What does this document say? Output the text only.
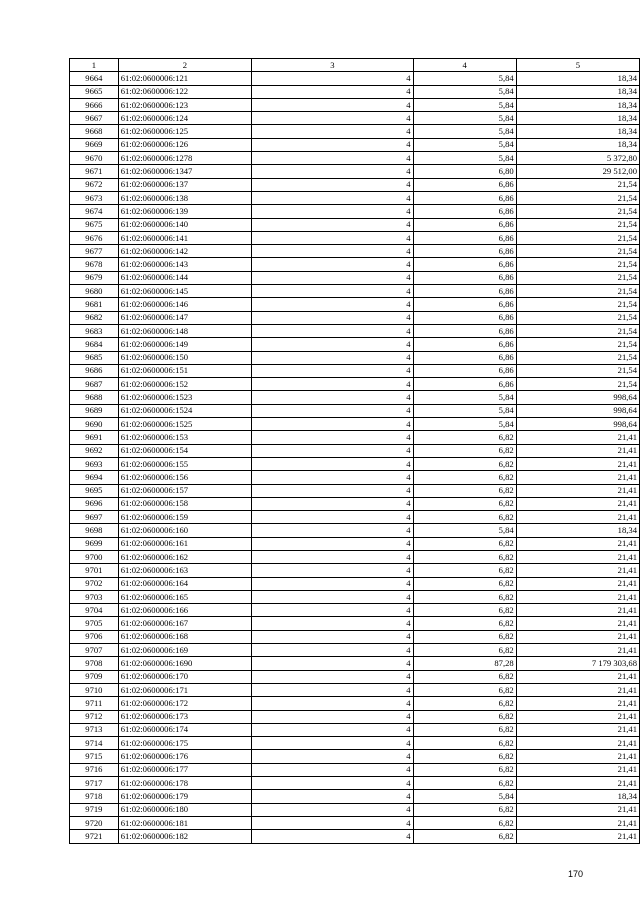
1	2	3	4	5
9664	61:02:0600006:121	4	5,84	18,34
9665	61:02:0600006:122	4	5,84	18,34
9666	61:02:0600006:123	4	5,84	18,34
9667	61:02:0600006:124	4	5,84	18,34
9668	61:02:0600006:125	4	5,84	18,34
9669	61:02:0600006:126	4	5,84	18,34
9670	61:02:0600006:1278	4	5,84	5 372,80
9671	61:02:0600006:1347	4	6,80	29 512,00
9672	61:02:0600006:137	4	6,86	21,54
9673	61:02:0600006:138	4	6,86	21,54
9674	61:02:0600006:139	4	6,86	21,54
9675	61:02:0600006:140	4	6,86	21,54
9676	61:02:0600006:141	4	6,86	21,54
9677	61:02:0600006:142	4	6,86	21,54
9678	61:02:0600006:143	4	6,86	21,54
9679	61:02:0600006:144	4	6,86	21,54
9680	61:02:0600006:145	4	6,86	21,54
9681	61:02:0600006:146	4	6,86	21,54
9682	61:02:0600006:147	4	6,86	21,54
9683	61:02:0600006:148	4	6,86	21,54
9684	61:02:0600006:149	4	6,86	21,54
9685	61:02:0600006:150	4	6,86	21,54
9686	61:02:0600006:151	4	6,86	21,54
9687	61:02:0600006:152	4	6,86	21,54
9688	61:02:0600006:1523	4	5,84	998,64
9689	61:02:0600006:1524	4	5,84	998,64
9690	61:02:0600006:1525	4	5,84	998,64
9691	61:02:0600006:153	4	6,82	21,41
9692	61:02:0600006:154	4	6,82	21,41
9693	61:02:0600006:155	4	6,82	21,41
9694	61:02:0600006:156	4	6,82	21,41
9695	61:02:0600006:157	4	6,82	21,41
9696	61:02:0600006:158	4	6,82	21,41
9697	61:02:0600006:159	4	6,82	21,41
9698	61:02:0600006:160	4	5,84	18,34
9699	61:02:0600006:161	4	6,82	21,41
9700	61:02:0600006:162	4	6,82	21,41
9701	61:02:0600006:163	4	6,82	21,41
9702	61:02:0600006:164	4	6,82	21,41
9703	61:02:0600006:165	4	6,82	21,41
9704	61:02:0600006:166	4	6,82	21,41
9705	61:02:0600006:167	4	6,82	21,41
9706	61:02:0600006:168	4	6,82	21,41
9707	61:02:0600006:169	4	6,82	21,41
9708	61:02:0600006:1690	4	87,28	7 179 303,68
9709	61:02:0600006:170	4	6,82	21,41
9710	61:02:0600006:171	4	6,82	21,41
9711	61:02:0600006:172	4	6,82	21,41
9712	61:02:0600006:173	4	6,82	21,41
9713	61:02:0600006:174	4	6,82	21,41
9714	61:02:0600006:175	4	6,82	21,41
9715	61:02:0600006:176	4	6,82	21,41
9716	61:02:0600006:177	4	6,82	21,41
9717	61:02:0600006:178	4	6,82	21,41
9718	61:02:0600006:179	4	5,84	18,34
9719	61:02:0600006:180	4	6,82	21,41
9720	61:02:0600006:181	4	6,82	21,41
9721	61:02:0600006:182	4	6,82	21,41
170
